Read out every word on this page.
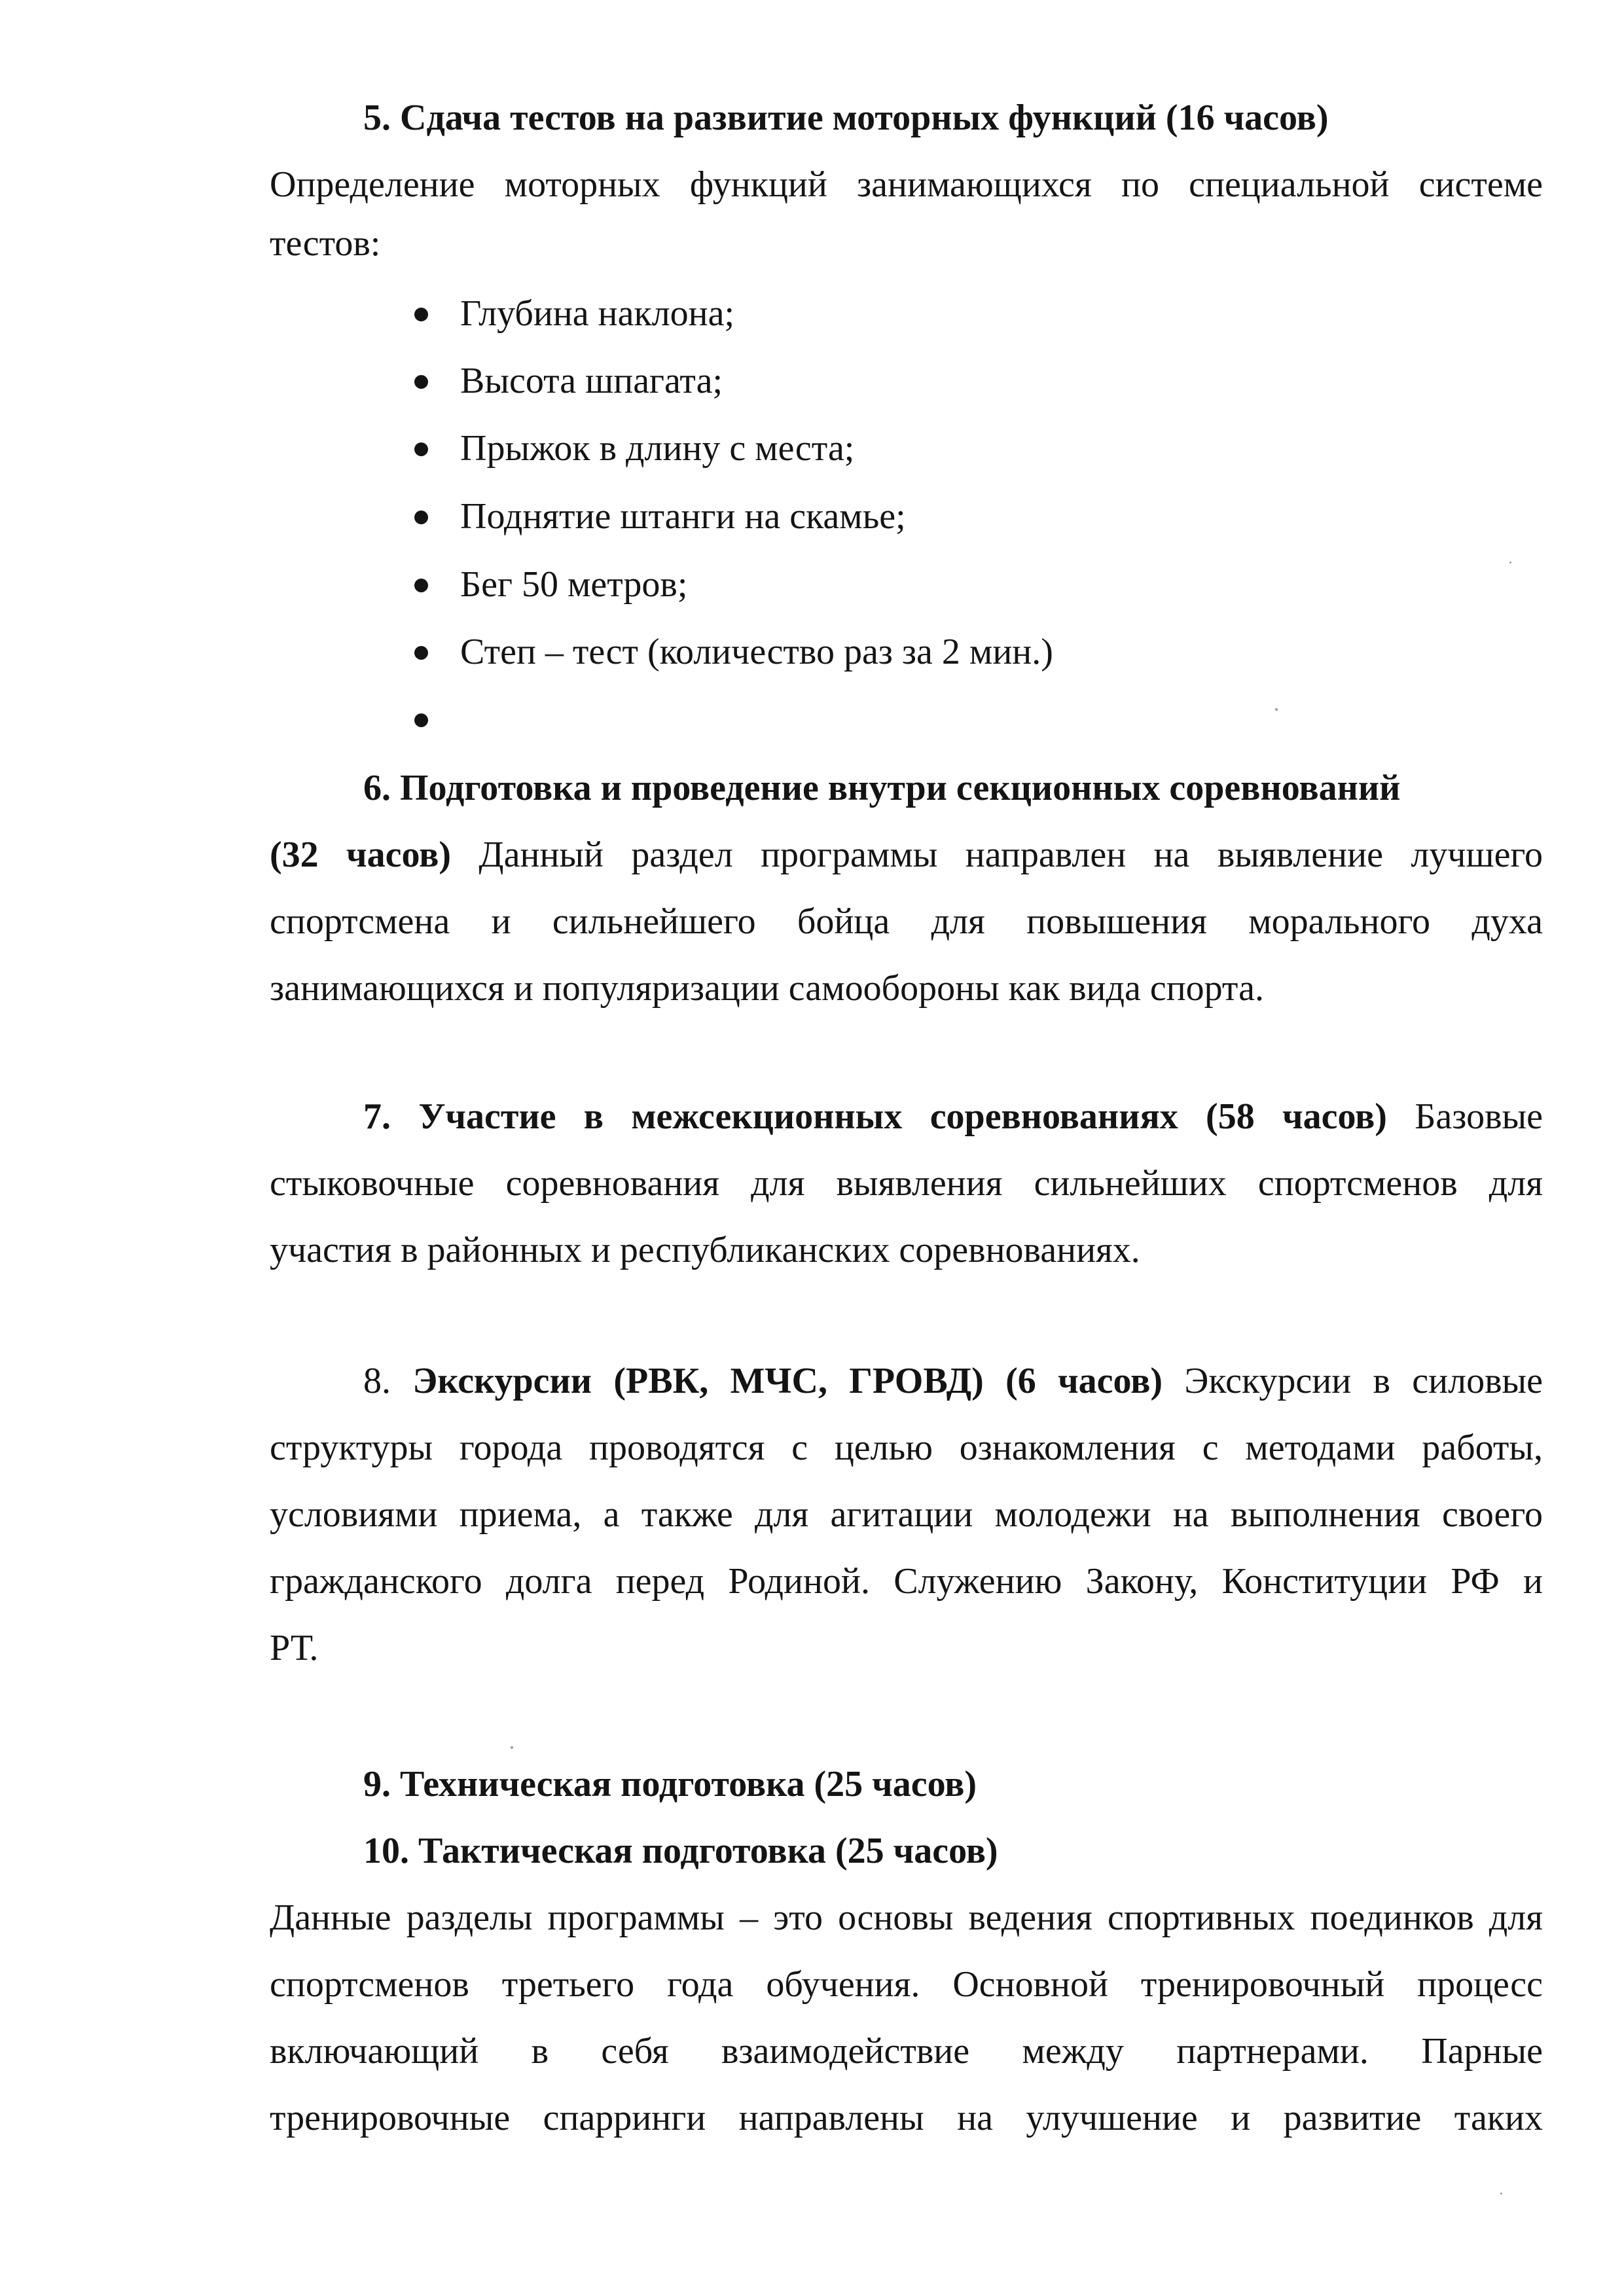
5. Сдача тестов на развитие моторных функций (16 часов)
Определение моторных функций занимающихся по специальной системе
тестов:
Глубина наклона;
Высота шпагата;
Прыжок в длину с места;
Поднятие штанги на скамье;
Бег 50 метров;
Степ – тест (количество раз за 2 мин.)
6. Подготовка и проведение внутри секционных соревнований
(32 часов) Данный раздел программы направлен на выявление лучшего
спортсмена и сильнейшего бойца для повышения морального духа
занимающихся и популяризации самообороны как вида спорта.
7. Участие в межсекционных соревнованиях (58 часов) Базовые
стыковочные соревнования для выявления сильнейших спортсменов для
участия в районных и республиканских соревнованиях.
8. Экскурсии (РВК, МЧС, ГРОВД) (6 часов) Экскурсии в силовые
структуры города проводятся с целью ознакомления с методами работы,
условиями приема, а также для агитации молодежи на выполнения своего
гражданского долга перед Родиной. Служению Закону, Конституции РФ и
РТ.
9. Техническая подготовка (25 часов)
10. Тактическая подготовка (25 часов)
Данные разделы программы – это основы ведения спортивных поединков для
спортсменов третьего года обучения. Основной тренировочный процесс
включающий в себя взаимодействие между партнерами. Парные
тренировочные спарринги направлены на улучшение и развитие таких
